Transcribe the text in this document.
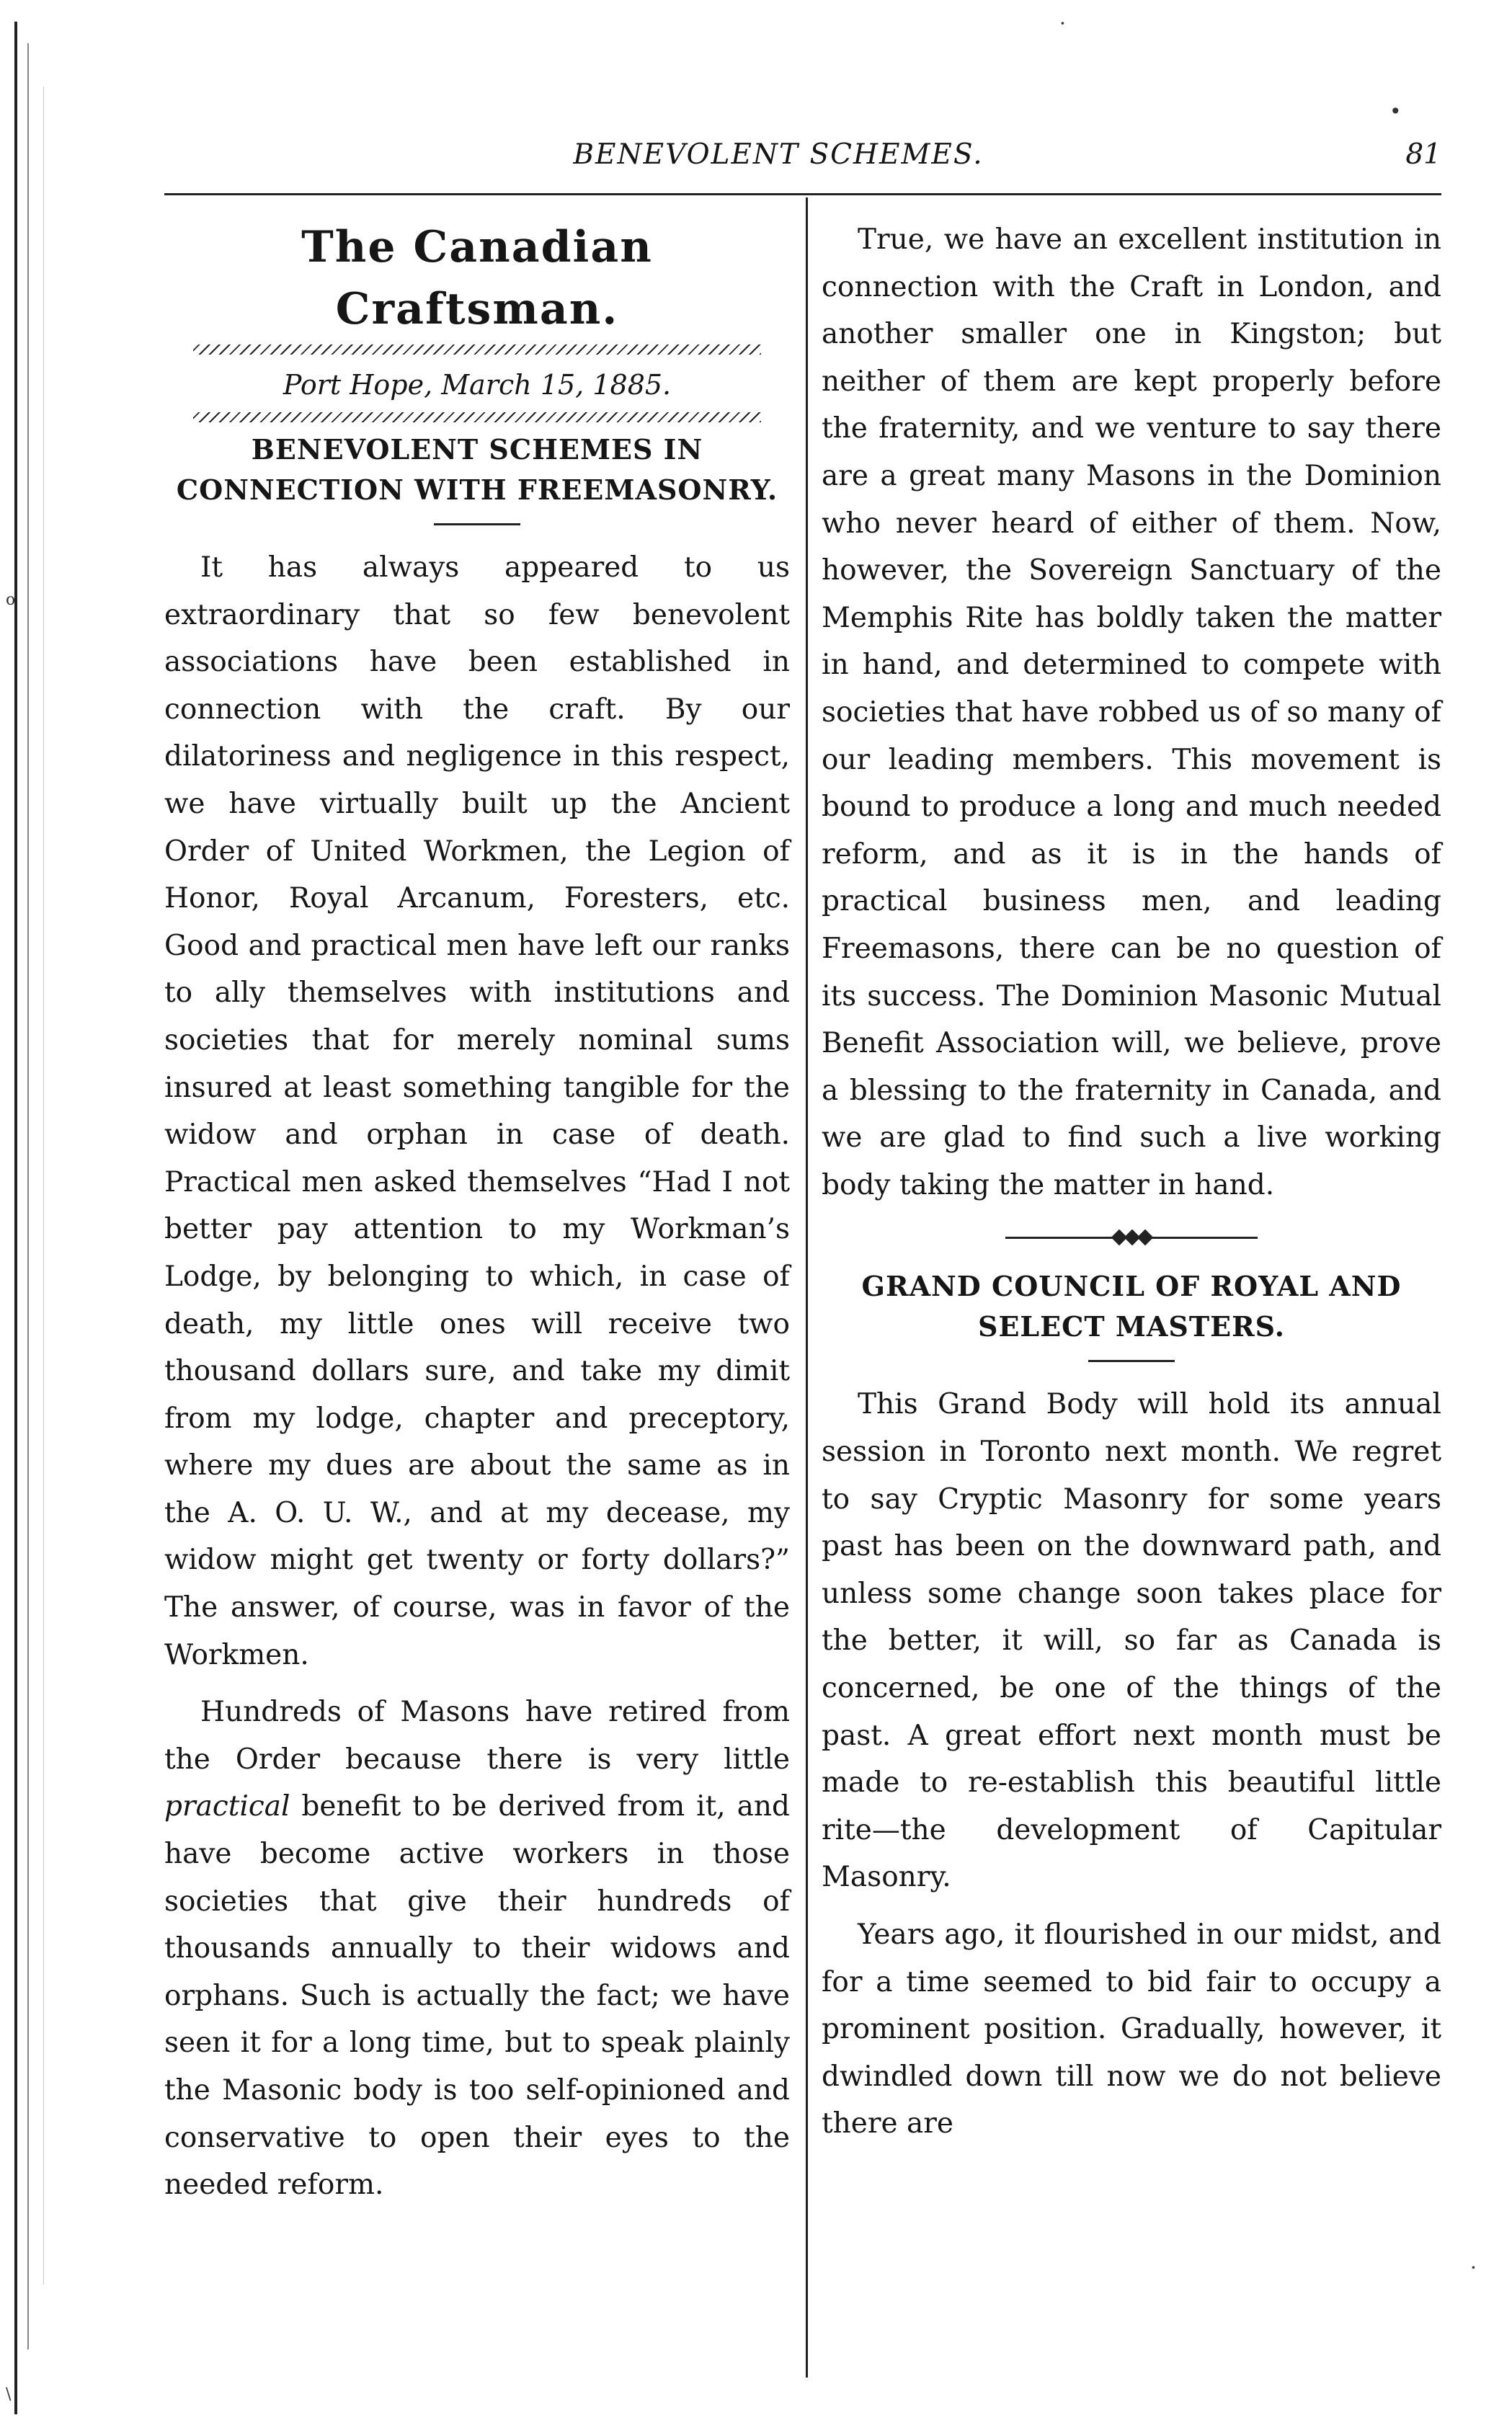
o
\
·
•
·
BENEVOLENT SCHEMES.	81
The Canadian Craftsman.

Port Hope, March 15, 1885.

BENEVOLENT SCHEMES IN CONNECTION WITH FREEMASONRY.

It has always appeared to us extraordinary that so few benevolent associations have been established in connection with the craft. By our dilatoriness and negligence in this respect, we have virtually built up the Ancient Order of United Workmen, the Legion of Honor, Royal Arcanum, Foresters, etc. Good and practical men have left our ranks to ally themselves with institutions and societies that for merely nominal sums insured at least something tangible for the widow and orphan in case of death. Practical men asked themselves “Had I not better pay attention to my Workman’s Lodge, by belonging to which, in case of death, my little ones will receive two thousand dollars sure, and take my dimit from my lodge, chapter and preceptory, where my dues are about the same as in the A. O. U. W., and at my decease, my widow might get twenty or forty dollars?” The answer, of course, was in favor of the Workmen.

Hundreds of Masons have retired from the Order because there is very little practical benefit to be derived from it, and have become active workers in those societies that give their hundreds of thousands annually to their widows and orphans. Such is actually the fact; we have seen it for a long time, but to speak plainly the Masonic body is too self-opinioned and conservative to open their eyes to the needed reform.

True, we have an excellent institution in connection with the Craft in London, and another smaller one in Kingston; but neither of them are kept properly before the fraternity, and we venture to say there are a great many Masons in the Dominion who never heard of either of them. Now, however, the Sovereign Sanctuary of the Memphis Rite has boldly taken the matter in hand, and determined to compete with societies that have robbed us of so many of our leading members. This movement is bound to produce a long and much needed reform, and as it is in the hands of practical business men, and leading Freemasons, there can be no question of its success. The Dominion Masonic Mutual Benefit Association will, we believe, prove a blessing to the fraternity in Canada, and we are glad to find such a live working body taking the matter in hand.

GRAND COUNCIL OF ROYAL AND SELECT MASTERS.

This Grand Body will hold its annual session in Toronto next month. We regret to say Cryptic Masonry for some years past has been on the downward path, and unless some change soon takes place for the better, it will, so far as Canada is concerned, be one of the things of the past. A great effort next month must be made to re-establish this beautiful little rite—the development of Capitular Masonry.

Years ago, it flourished in our midst, and for a time seemed to bid fair to occupy a prominent position. Gradually, however, it dwindled down till now we do not believe there are
